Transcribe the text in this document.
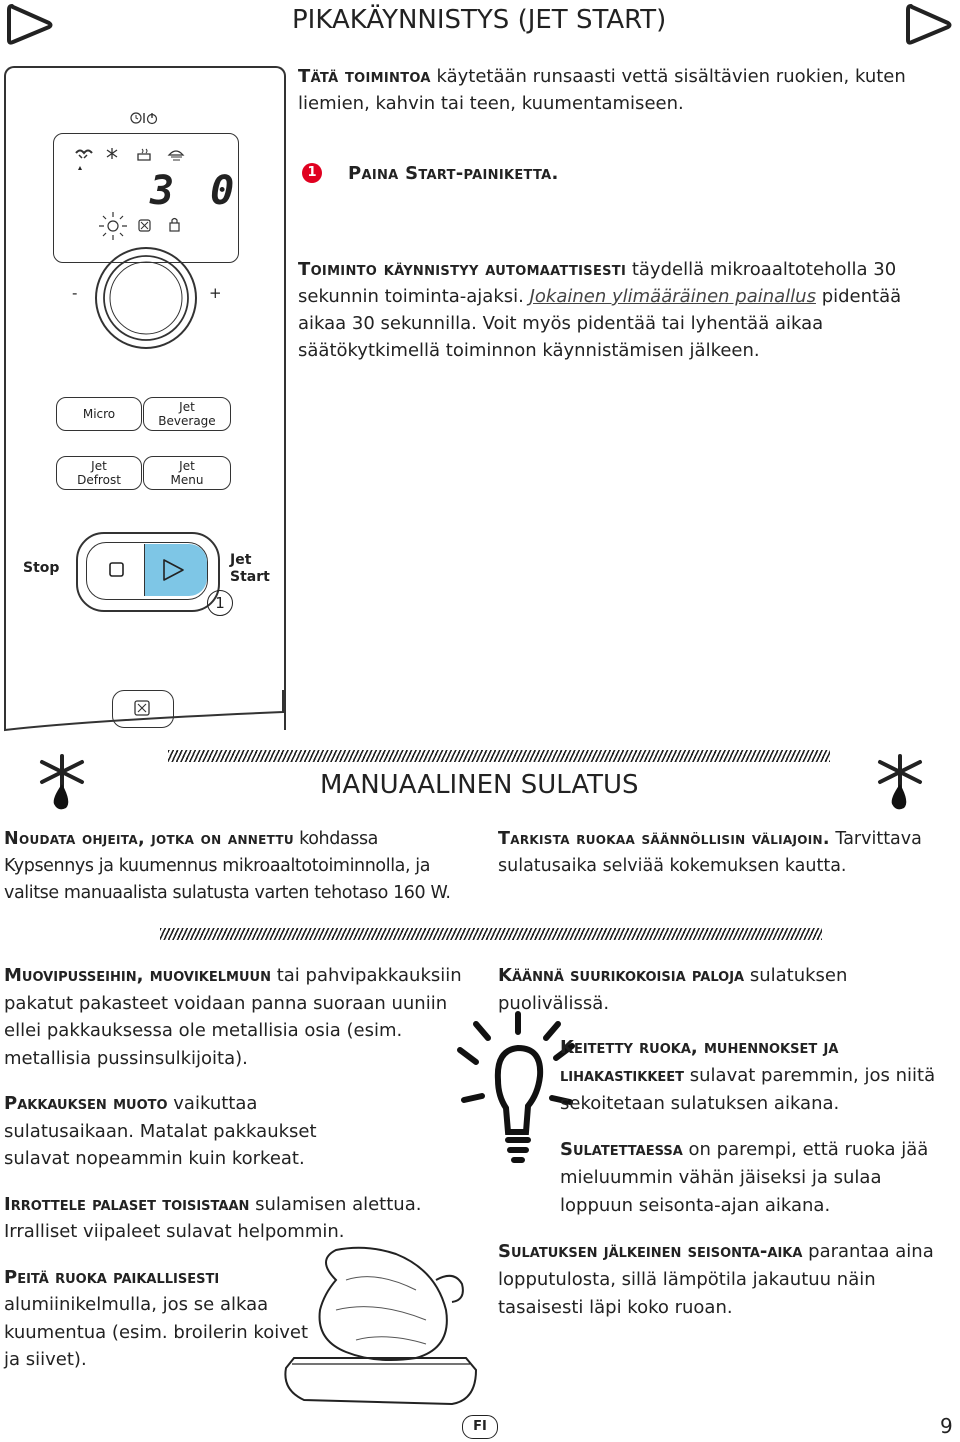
PIKAKÄYNNISTYS (JET START)
3 0
-	+
Micro	Jet Beverage
Jet Defrost
Jet Menu
Stop	Jet Start
1
Tätä toimintoa käytetään runsaasti vettä sisältävien ruokien, kuten liemien, kahvin tai teen, kuumentamiseen.
1	Paina Start-painiketta.
Toiminto käynnistyy automaattisesti täydellä mikroaaltoteholla 30 sekunnin toiminta-ajaksi. Jokainen ylimääräinen painallus pidentää aikaa 30 sekunnilla. Voit myös pidentää tai lyhentää aikaa säätökytkimellä toiminnon käynnistämisen jälkeen.
MANUAALINEN SULATUS
Noudata ohjeita, jotka on annettu kohdassa Kypsennys ja kuumennus mikroaaltotoiminnolla, ja valitse manuaalista sulatusta varten tehotaso 160 W.
Tarkista ruokaa säännöllisin väliajoin. Tarvittava sulatusaika selviää kokemuksen kautta.
Muovipusseihin, muovikelmuun tai pahvipakkauksiin pakatut pakasteet voidaan panna suoraan uuniin ellei pakkauksessa ole metallisia osia (esim. metallisia pussinsulkijoita).
Pakkauksen muoto vaikuttaa sulatusaikaan. Matalat pakkaukset sulavat nopeammin kuin korkeat.
Irrottele palaset toisistaan sulamisen alettua. Irralliset viipaleet sulavat helpommin.
Peitä ruoka paikallisesti alumiinikelmulla, jos se alkaa kuumentua (esim. broilerin koivet ja siivet).
Käännä suurikokoisia paloja sulatuksen puolivälissä.
Keitetty ruoka, muhennokset ja lihakastikkeet sulavat paremmin, jos niitä sekoitetaan sulatuksen aikana.
Sulatettaessa on parempi, että ruoka jää mieluummin vähän jäiseksi ja sulaa loppuun seisonta-ajan aikana.
Sulatuksen jälkeinen seisonta-aika parantaa aina lopputulosta, sillä lämpötila jakautuu näin tasaisesti läpi koko ruoan.
FI	9
